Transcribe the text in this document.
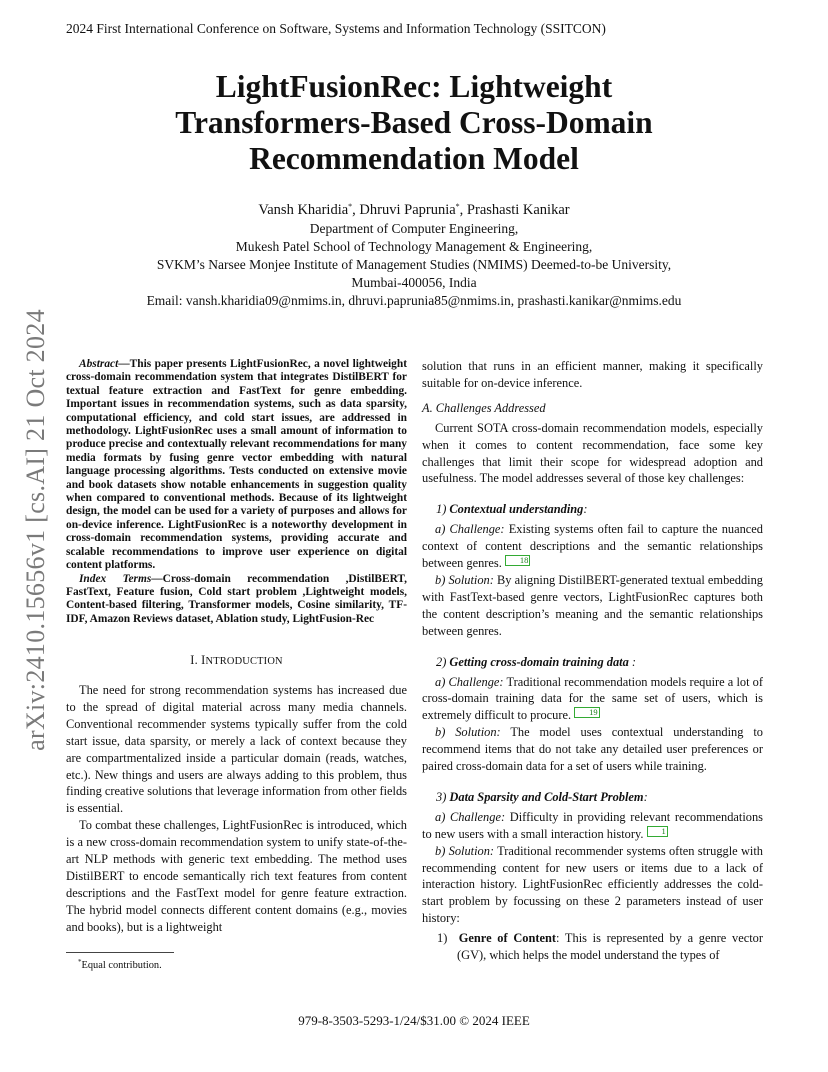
2024 First International Conference on Software, Systems and Information Technology (SSITCON)
LightFusionRec: Lightweight
Transformers-Based Cross-Domain
Recommendation Model
Vansh Kharidia*, Dhruvi Paprunia*, Prashasti Kanikar
Department of Computer Engineering,
Mukesh Patel School of Technology Management & Engineering,
SVKM’s Narsee Monjee Institute of Management Studies (NMIMS) Deemed-to-be University,
Mumbai-400056, India
Email: vansh.kharidia09@nmims.in, dhruvi.paprunia85@nmims.in, prashasti.kanikar@nmims.edu
arXiv:2410.15656v1 [cs.AI] 21 Oct 2024	Abstract—This paper presents LightFusionRec, a novel lightweight cross-domain recommendation system that integrates DistilBERT for textual feature extraction and FastText for genre embedding. Important issues in recommendation systems, such as data sparsity, computational efficiency, and cold start issues, are addressed in methodology. LightFusionRec uses a small amount of information to produce precise and contextually relevant recommendations for many media formats by fusing genre vector embedding with natural language processing algorithms. Tests conducted on extensive movie and book datasets show notable enhancements in suggestion quality when compared to conventional methods. Because of its lightweight design, the model can be used for a variety of purposes and allows for on-device inference. LightFusionRec is a noteworthy development in cross-domain recommendation systems, providing accurate and scalable recommendations to improve user experience on digital content platforms.

Index Terms—Cross-domain recommendation ,DistilBERT, FastText, Feature fusion, Cold start problem ,Lightweight models, Content-based filtering, Transformer models, Cosine similarity, TF-IDF, Amazon Reviews dataset, Ablation study, LightFusion-Rec

I. INTRODUCTION

The need for strong recommendation systems has increased due to the spread of digital material across many media channels. Conventional recommender systems typically suffer from the cold start issue, data sparsity, or merely a lack of context because they are compartmentalized inside a particular domain (reads, watches, etc.). New things and users are always adding to this problem, thus finding creative solutions that leverage information from other fields is essential.

To combat these challenges, LightFusionRec is introduced, which is a new cross-domain recommendation system to unify state-of-the-art NLP methods with generic text embedding. The method uses DistilBERT to encode semantically rich text features from content descriptions and the FastText model for genre feature extraction. The hybrid model connects different content domains (e.g., movies and books), but is a lightweight

solution that runs in an efficient manner, making it specifically suitable for on-device inference.

A. Challenges Addressed

Current SOTA cross-domain recommendation models, especially when it comes to content recommendation, face some key challenges that limit their scope for widespread adoption and usefulness. The model addresses several of those key challenges:

1) Contextual understanding:

a) Challenge: Existing systems often fail to capture the nuanced context of content descriptions and the semantic relationships between genres. 18

b) Solution: By aligning DistilBERT-generated textual embedding with FastText-based genre vectors, LightFusionRec captures both the content description’s meaning and the semantic relationships between genres.

2) Getting cross-domain training data :

a) Challenge: Traditional recommendation models require a lot of cross-domain training data for the same set of users, which is extremely difficult to procure. 19

b) Solution: The model uses contextual understanding to recommend items that do not take any detailed user preferences or paired cross-domain data for a set of users while training.

3) Data Sparsity and Cold-Start Problem:

a) Challenge: Difficulty in providing relevant recommendations to new users with a small interaction history. 1

b) Solution: Traditional recommender systems often struggle with recommending content for new users or items due to a lack of interaction history. LightFusionRec efficiently addresses the cold-start problem by focussing on these 2 parameters instead of user history:

1) Genre of Content: This is represented by a genre vector (GV), which helps the model understand the types of

*Equal contribution.
979-8-3503-5293-1/24/$31.00 © 2024 IEEE
